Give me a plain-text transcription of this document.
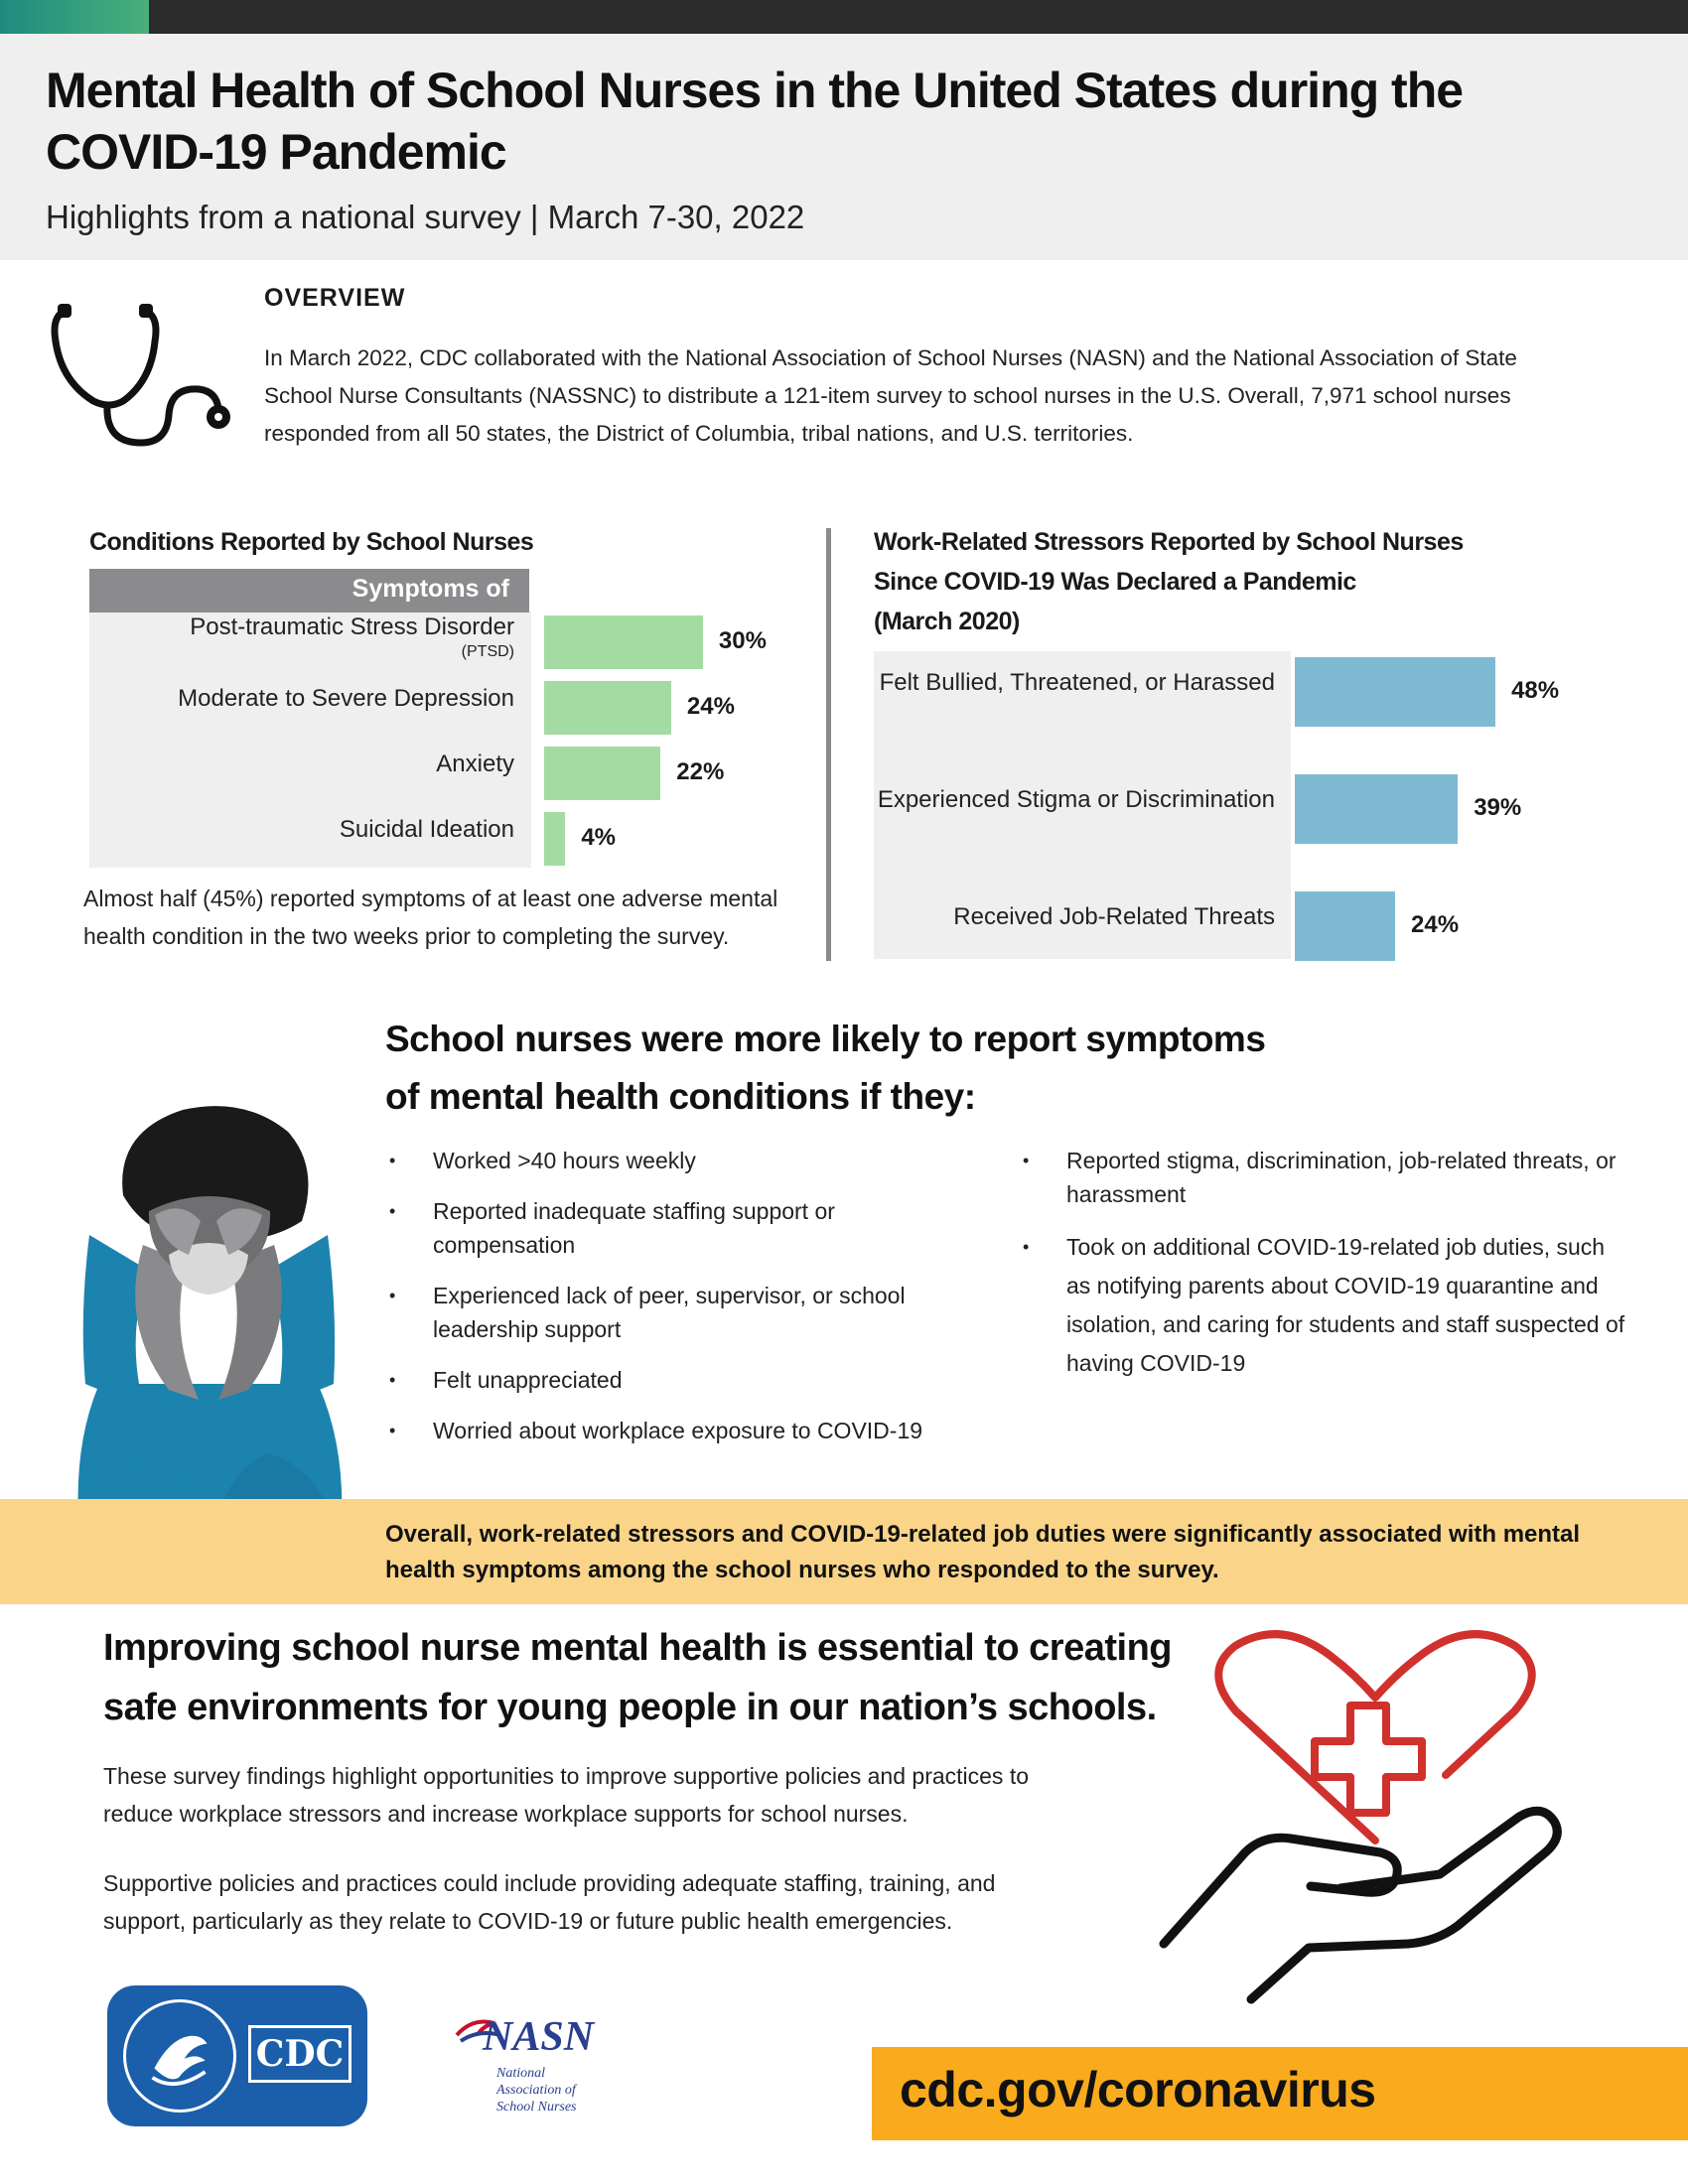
Mental Health of School Nurses in the United States during the COVID-19 Pandemic
Highlights from a national survey | March 7-30, 2022
OVERVIEW
In March 2022, CDC collaborated with the National Association of School Nurses (NASN) and the National Association of State School Nurse Consultants (NASSNC) to distribute a 121-item survey to school nurses in the U.S. Overall, 7,971 school nurses responded from all 50 states, the District of Columbia, tribal nations, and U.S. territories.
Conditions Reported by School Nurses
Symptoms of
Post-traumatic Stress Disorder
(PTSD)	30%
Moderate to Severe Depression	24%
Anxiety	22%
Suicidal Ideation	4%
Almost half (45%) reported symptoms of at least one adverse mental health condition in the two weeks prior to completing the survey.
Work-Related Stressors Reported by School Nurses
Since COVID-19 Was Declared a Pandemic
(March 2020)
Felt Bullied, Threatened, or Harassed	48%
Experienced Stigma or Discrimination	39%
Received Job-Related Threats	24%
School nurses were more likely to report symptoms
of mental health conditions if they:
• Worked >40 hours weekly
• Reported inadequate staffing support or compensation
• Experienced lack of peer, supervisor, or school leadership support
• Felt unappreciated
• Worried about workplace exposure to COVID-19
• Reported stigma, discrimination, job-related threats, or harassment
• Took on additional COVID-19-related job duties, such as notifying parents about COVID-19 quarantine and isolation, and caring for students and staff suspected of having COVID-19

Overall, work-related stressors and COVID-19-related job duties were significantly associated with mental health symptoms among the school nurses who responded to the survey.

Improving school nurse mental health is essential to creating
safe environments for young people in our nation’s schools.
These survey findings highlight opportunities to improve supportive policies and practices to reduce workplace stressors and increase workplace supports for school nurses.
Supportive policies and practices could include providing adequate staffing, training, and support, particularly as they relate to COVID-19 or future public health emergencies.
CDC	NASN
National
Association of
School Nurses	cdc.gov/coronavirus
